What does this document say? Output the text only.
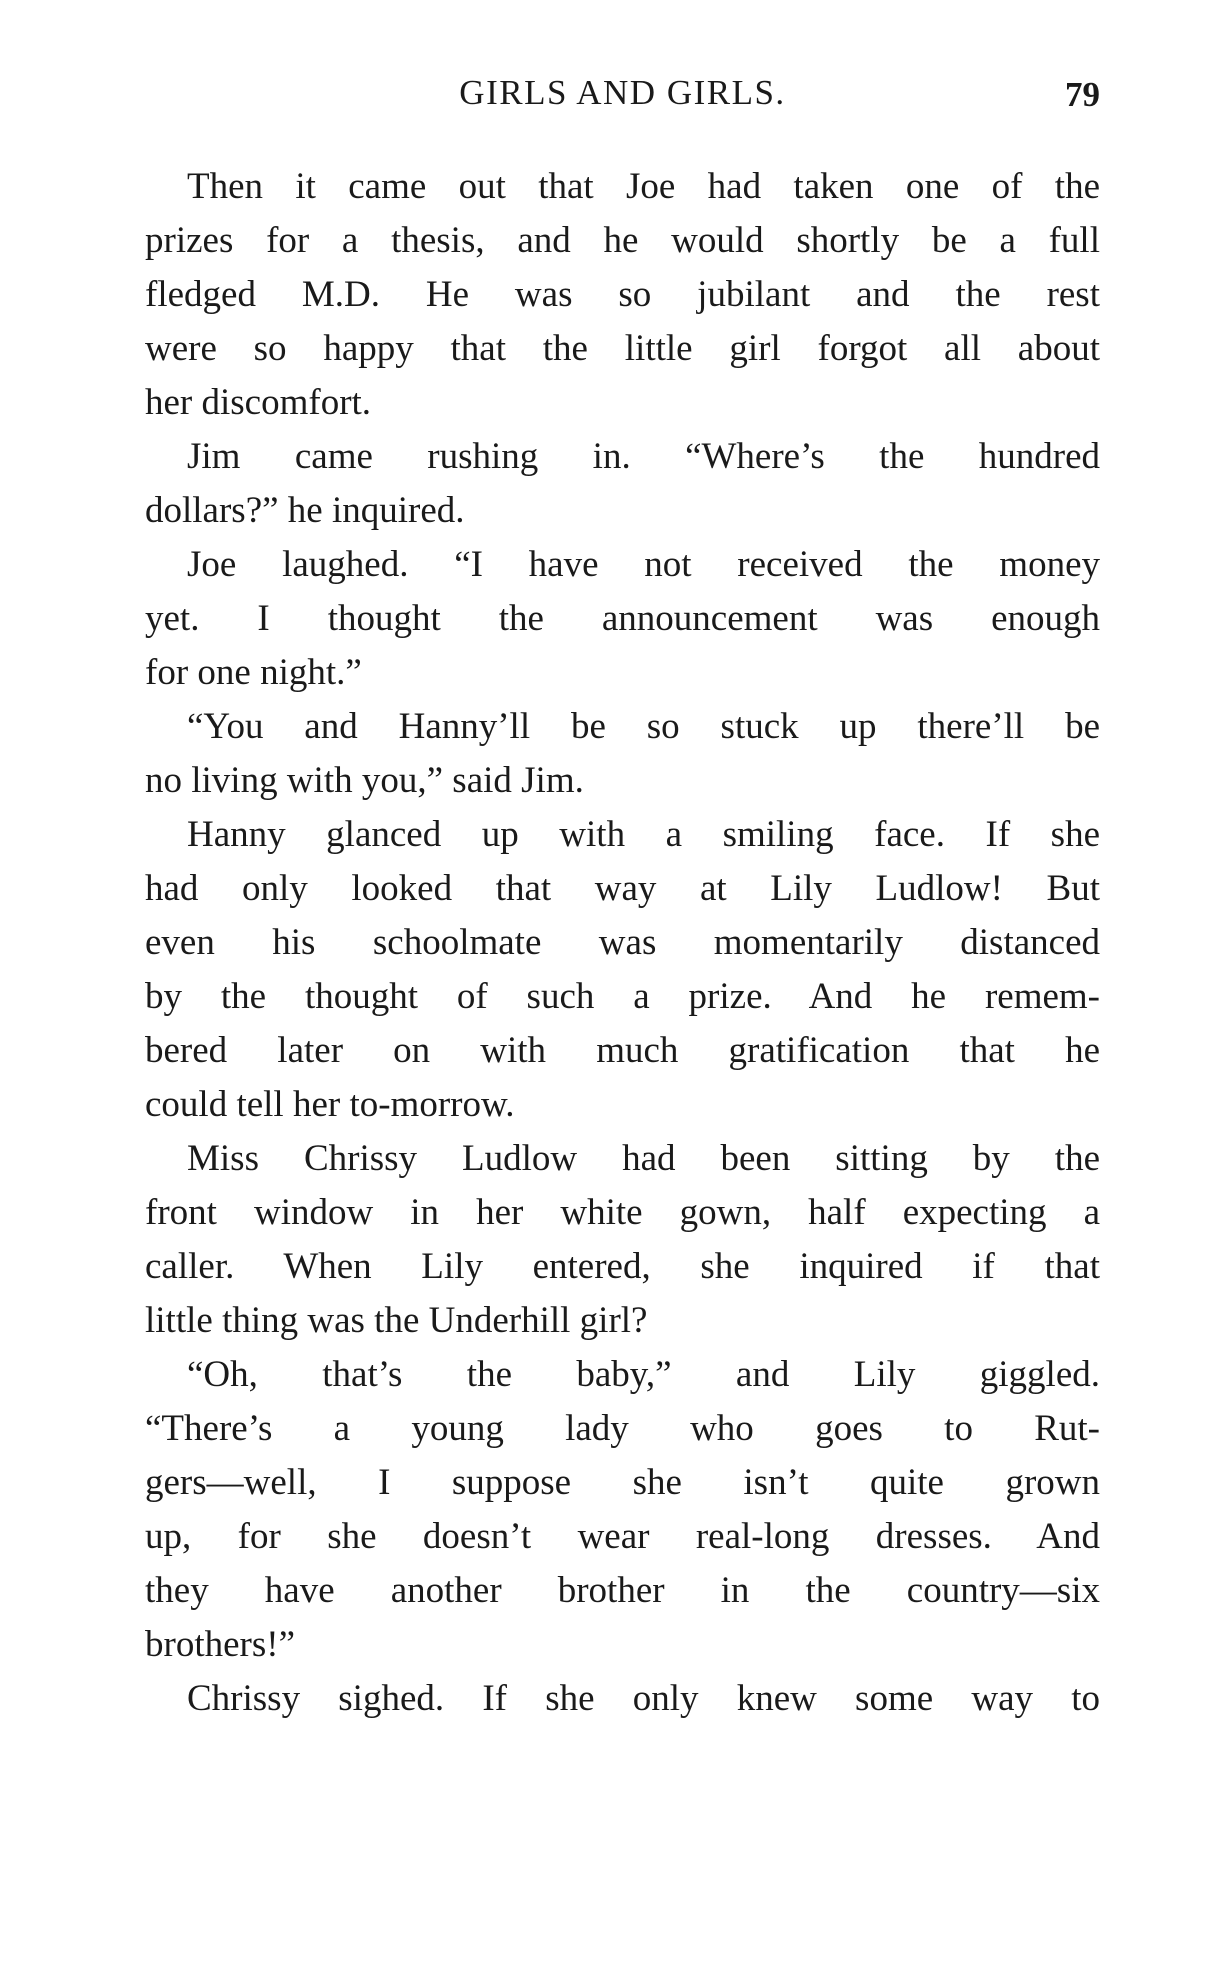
GIRLS AND GIRLS.	79

Then it came out that Joe had taken one of the
prizes for a thesis, and he would shortly be a full
fledged M.D. He was so jubilant and the rest
were so happy that the little girl forgot all about
her discomfort.

Jim came rushing in. “Where’s the hundred
dollars?” he inquired.

Joe laughed. “I have not received the money
yet. I thought the announcement was enough
for one night.”

“You and Hanny’ll be so stuck up there’ll be
no living with you,” said Jim.

Hanny glanced up with a smiling face. If she
had only looked that way at Lily Ludlow! But
even his schoolmate was momentarily distanced
by the thought of such a prize. And he remem-
bered later on with much gratification that he
could tell her to-morrow.

Miss Chrissy Ludlow had been sitting by the
front window in her white gown, half expecting a
caller. When Lily entered, she inquired if that
little thing was the Underhill girl?

“Oh, that’s the baby,” and Lily giggled.
“There’s a young lady who goes to Rut-
gers—well, I suppose she isn’t quite grown
up, for she doesn’t wear real-long dresses. And
they have another brother in the country—six
brothers!”

Chrissy sighed. If she only knew some way to
